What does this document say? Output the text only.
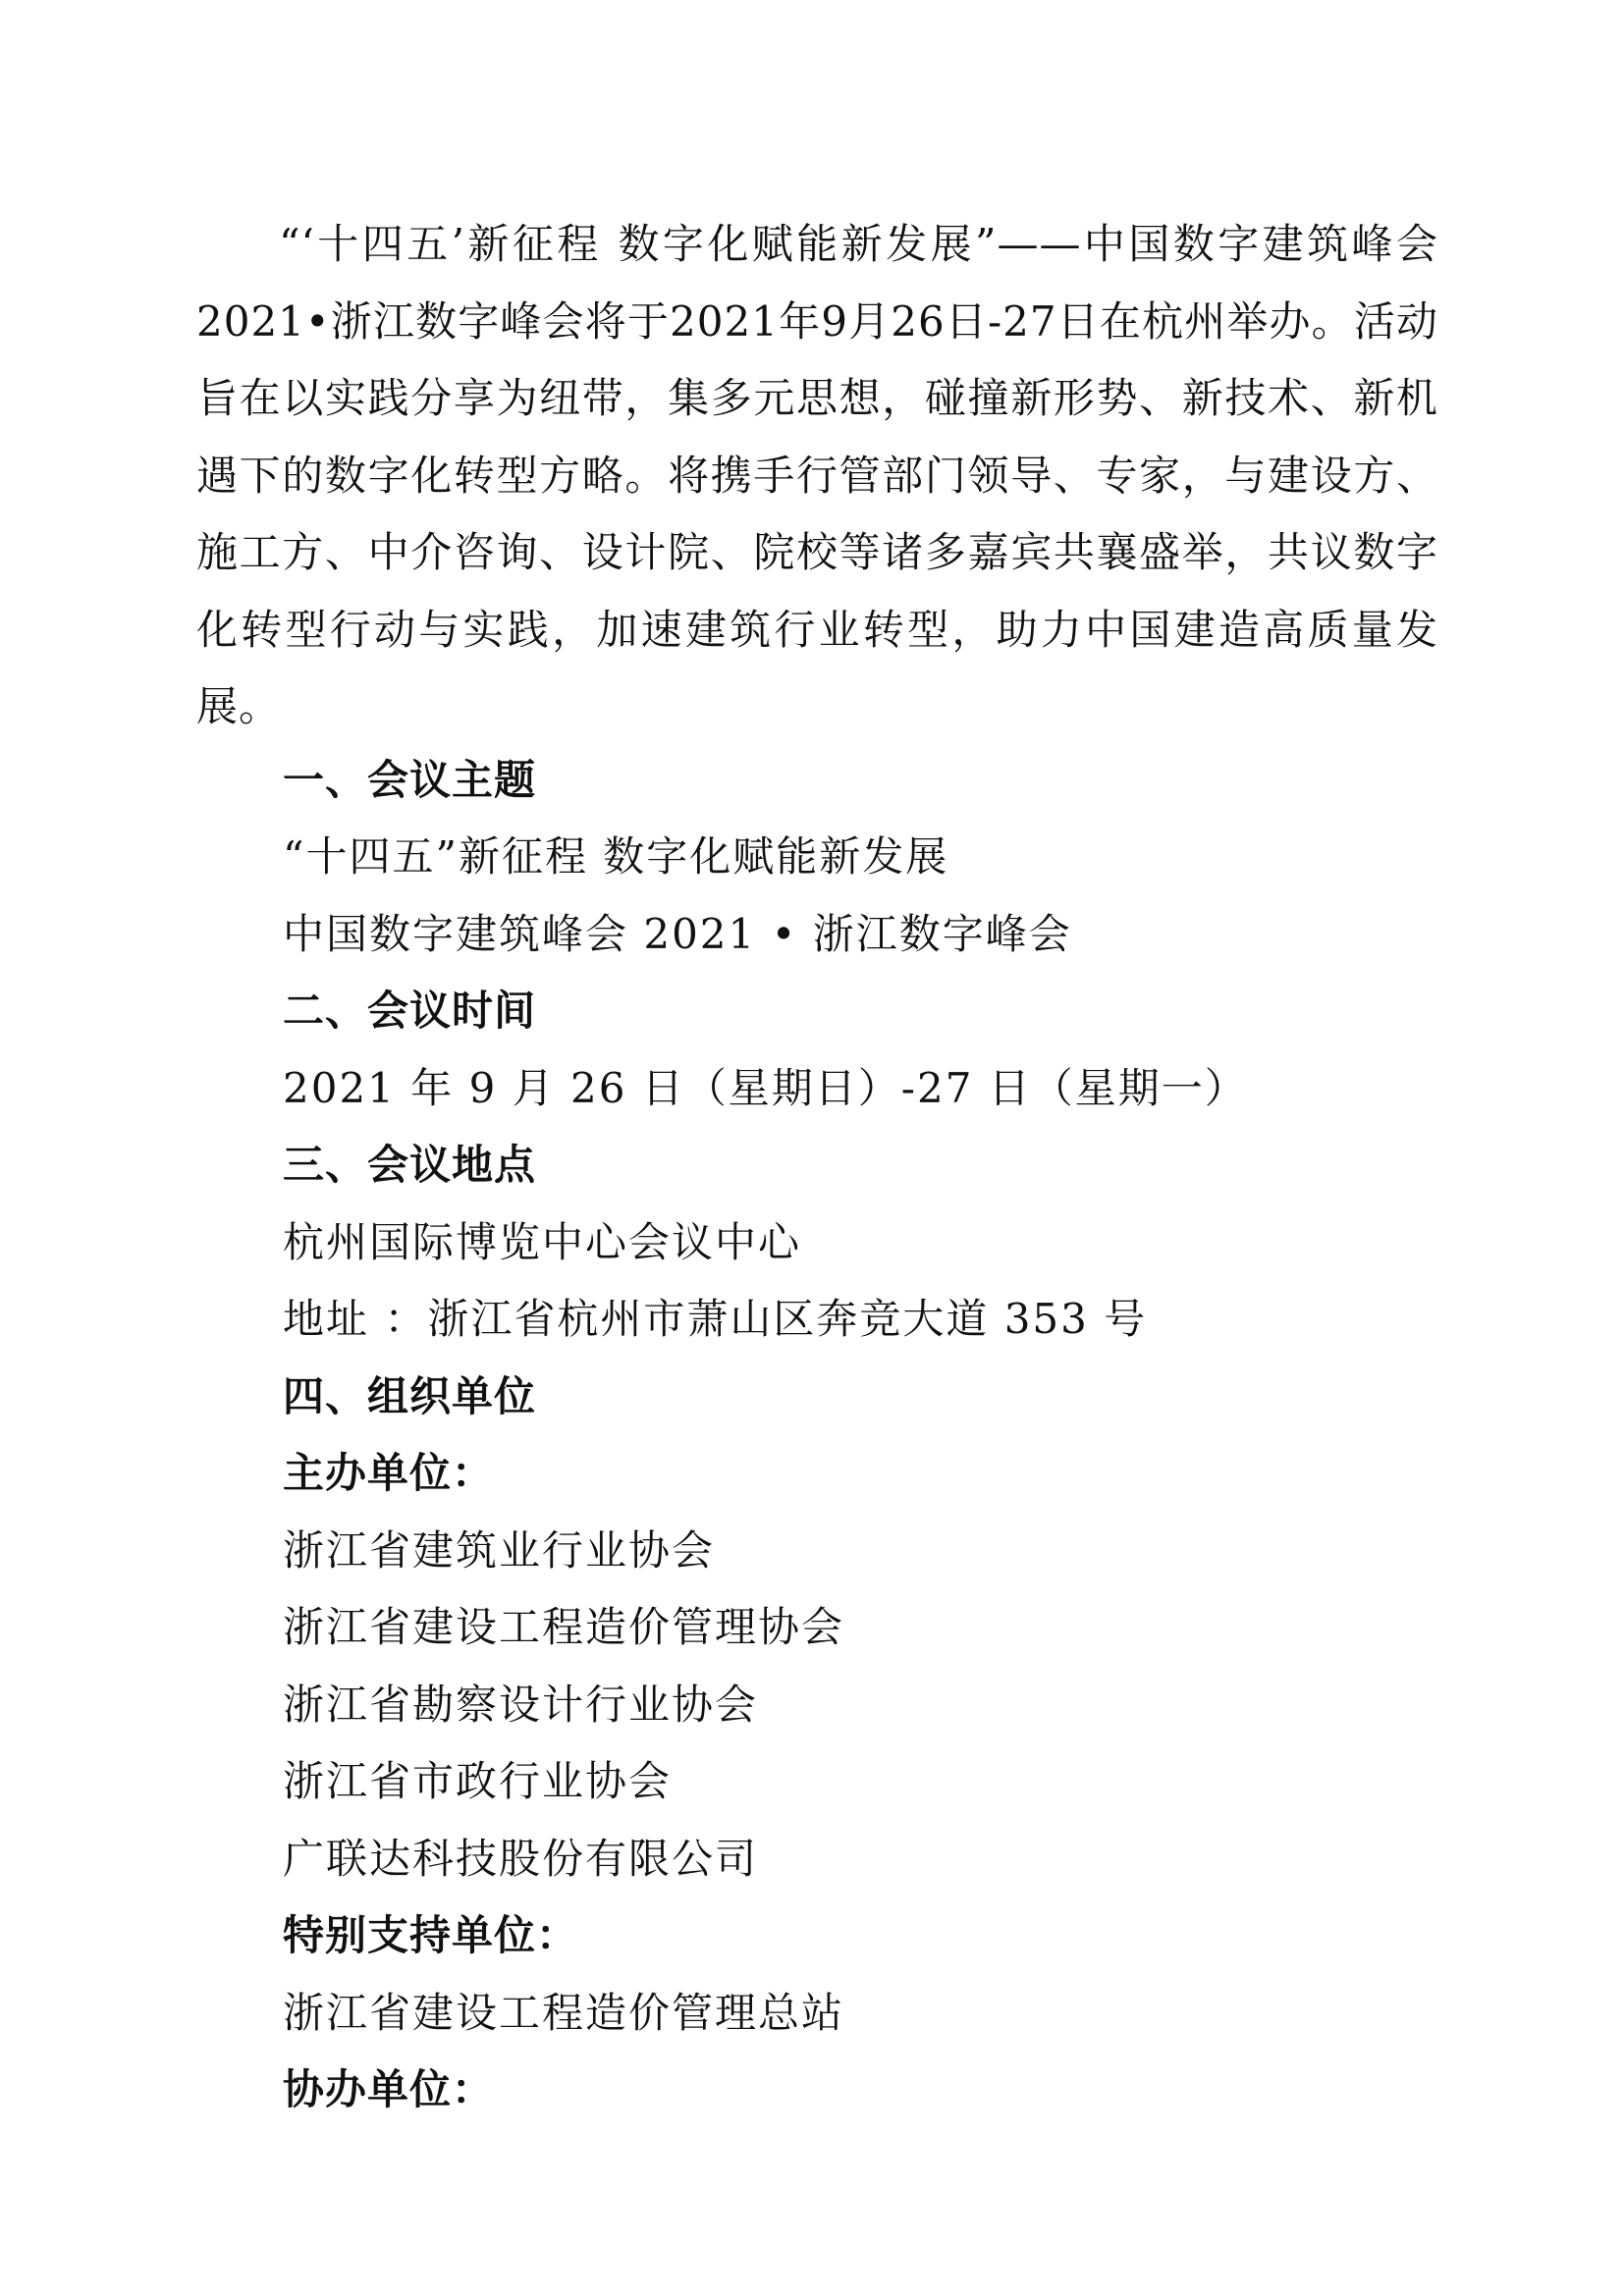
“‘十四五’新征程 数字化赋能新发展”——中国数字建筑峰会2021•浙江数字峰会将于2021年9月26日-27日在杭州举办。活动旨在以实践分享为纽带，集多元思想，碰撞新形势、新技术、新机遇下的数字化转型方略。将携手行管部门领导、专家，与建设方、施工方、中介咨询、设计院、院校等诸多嘉宾共襄盛举，共议数字化转型行动与实践，加速建筑行业转型，助力中国建造高质量发展。

一、会议主题
“十四五”新征程 数字化赋能新发展
中国数字建筑峰会 2021 • 浙江数字峰会
二、会议时间
2021 年 9 月 26 日（星期日）-27 日（星期一）
三、会议地点
杭州国际博览中心会议中心
地址 ：浙江省杭州市萧山区奔竞大道 353 号
四、组织单位
主办单位：
浙江省建筑业行业协会
浙江省建设工程造价管理协会
浙江省勘察设计行业协会
浙江省市政行业协会
广联达科技股份有限公司
特别支持单位：
浙江省建设工程造价管理总站
协办单位：
